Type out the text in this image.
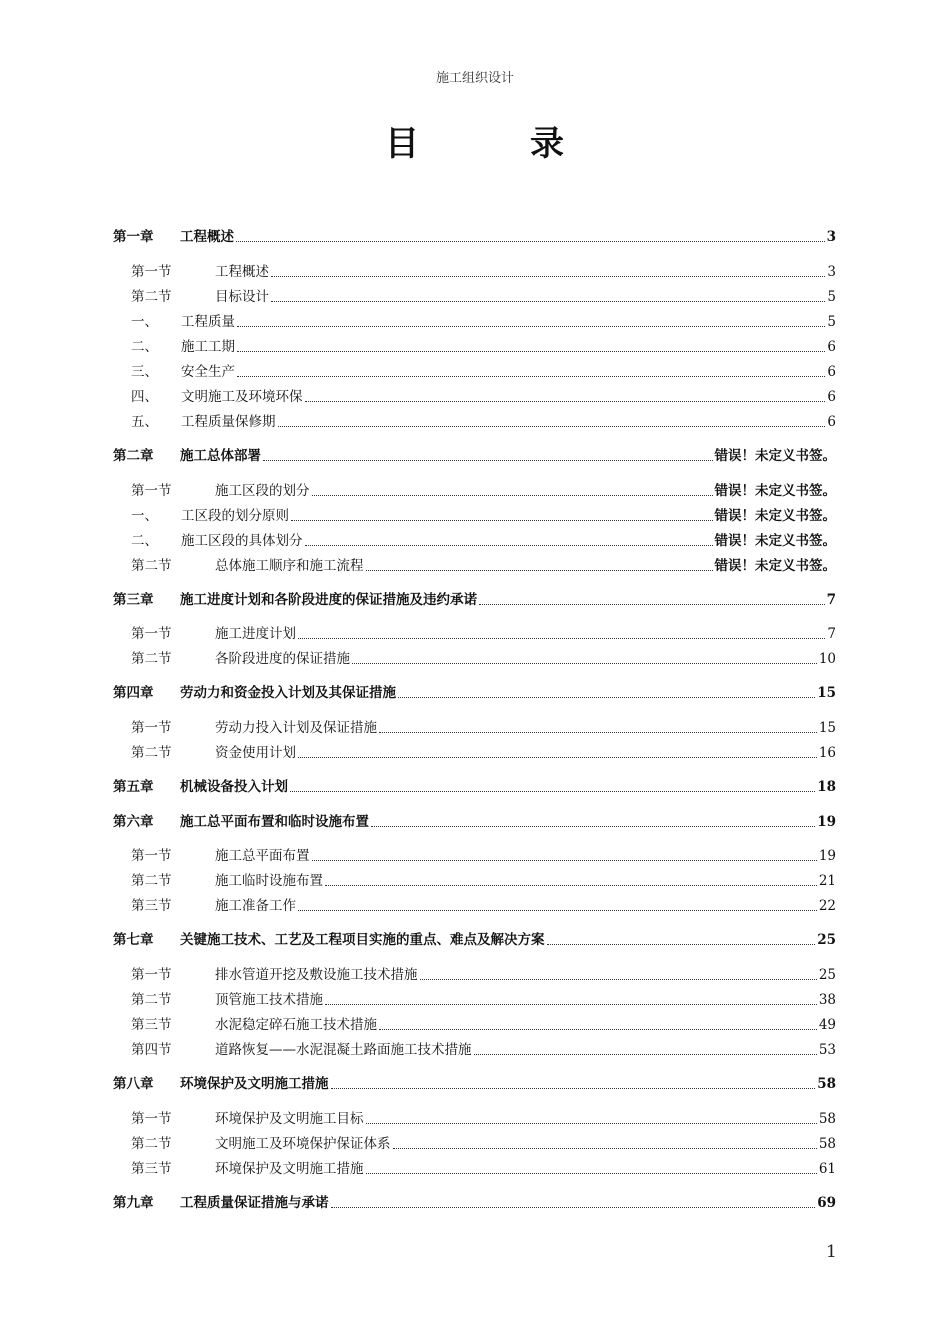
施工组织设计
目	录
第一章	工程概述	3
第一节	工程概述	3
第二节	目标设计	5
一、	工程质量	5
二、	施工工期	6
三、	安全生产	6
四、	文明施工及环境环保	6
五、	工程质量保修期	6
第二章	施工总体部署	错误！未定义书签。
第一节	施工区段的划分	错误！未定义书签。
一、	工区段的划分原则	错误！未定义书签。
二、	施工区段的具体划分	错误！未定义书签。
第二节	总体施工顺序和施工流程	错误！未定义书签。
第三章	施工进度计划和各阶段进度的保证措施及违约承诺	7
第一节	施工进度计划	7
第二节	各阶段进度的保证措施	10
第四章	劳动力和资金投入计划及其保证措施	15
第一节	劳动力投入计划及保证措施	15
第二节	资金使用计划	16
第五章	机械设备投入计划	18
第六章	施工总平面布置和临时设施布置	19
第一节	施工总平面布置	19
第二节	施工临时设施布置	21
第三节	施工准备工作	22
第七章	关键施工技术、工艺及工程项目实施的重点、难点及解决方案	25
第一节	排水管道开挖及敷设施工技术措施	25
第二节	顶管施工技术措施	38
第三节	水泥稳定碎石施工技术措施	49
第四节	道路恢复——水泥混凝土路面施工技术措施	53
第八章	环境保护及文明施工措施	58
第一节	环境保护及文明施工目标	58
第二节	文明施工及环境保护保证体系	58
第三节	环境保护及文明施工措施	61
第九章	工程质量保证措施与承诺	69
1
